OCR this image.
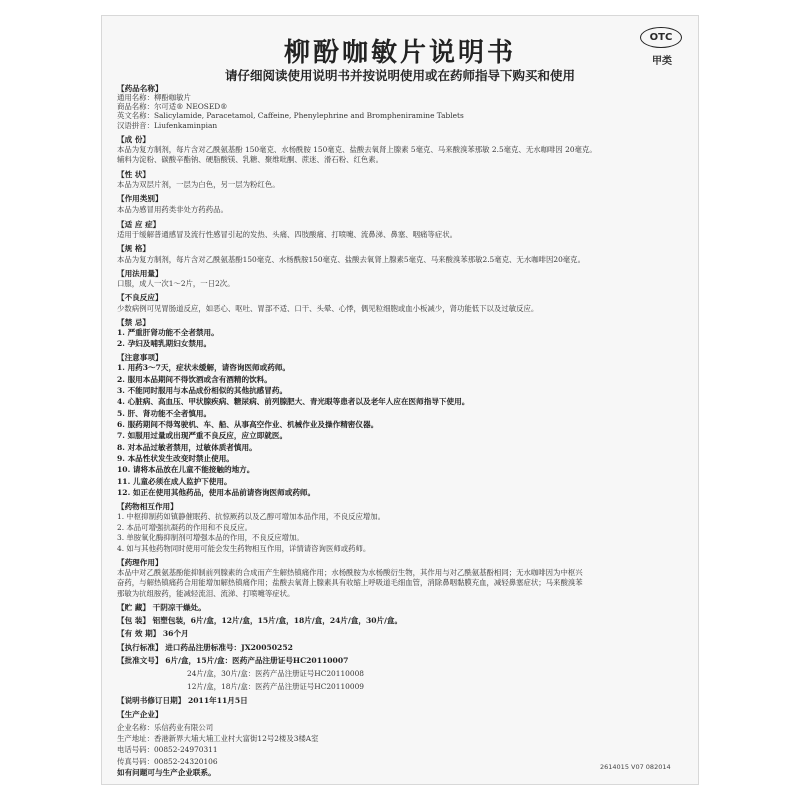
柳酚咖敏片说明书
请仔细阅读使用说明书并按说明使用或在药师指导下购买和使用
OTC
甲类
【药品名称】
通用名称：柳酚咖敏片
商品名称：尔可适® NEOSED®
英文名称：Salicylamide, Paracetamol, Caffeine, Phenylephrine and Brompheniramine Tablets
汉语拼音：Liufenkaminpian
【成 份】
本品为复方制剂，每片含对乙酰氨基酚 150毫克、水杨酰胺 150毫克、盐酸去氧肾上腺素 5毫克、马来酸溴苯那敏 2.5毫克、无水咖啡因 20毫克。
辅料为淀粉、碳酸辛酯钠、硬脂酸镁、乳糖、聚维吡酮、蔗迷、滑石粉、红色素。
【性 状】
本品为双层片剂，一层为白色，另一层为粉红色。
【作用类别】
本品为感冒用药类非处方药药品。
【适 应 症】
适用于缓解普通感冒及流行性感冒引起的发热、头痛、四肢酸痛、打喷嚏、流鼻涕、鼻塞、咽痛等症状。
【规 格】
本品为复方制剂，每片含对乙酰氨基酚150毫克、水杨酰胺150毫克、盐酸去氧肾上腺素5毫克、马来酸溴苯那敏2.5毫克、无水咖啡因20毫克。
【用法用量】
口服，成人一次1～2片，一日2次。
【不良反应】
少数病例可见胃肠道反应，如恶心、呕吐、胃部不适、口干、头晕、心悸，偶见粒细胞或血小板减少，肾功能低下以及过敏反应。
【禁 忌】
1. 严重肝肾功能不全者禁用。
2. 孕妇及哺乳期妇女禁用。
【注意事项】
1. 用药3～7天，症状未缓解，请咨询医师或药师。
2. 服用本品期间不得饮酒或含有酒精的饮料。
3. 不能同时服用与本品成份相似的其他抗感冒药。
4. 心脏病、高血压、甲状腺疾病、糖尿病、前列腺肥大、青光眼等患者以及老年人应在医师指导下使用。
5. 肝、肾功能不全者慎用。
6. 服药期间不得驾驶机、车、船、从事高空作业、机械作业及操作精密仪器。
7. 如服用过量或出现严重不良反应，应立即就医。
8. 对本品过敏者禁用，过敏体质者慎用。
9. 本品性状发生改变时禁止使用。
10. 请将本品放在儿童不能接触的地方。
11. 儿童必须在成人监护下使用。
12. 如正在使用其他药品，使用本品前请咨询医师或药师。
【药物相互作用】
1. 中枢抑制药如镇静催眠药、抗惊厥药以及乙醇可增加本品作用，不良反应增加。
2. 本品可增强抗凝药的作用和不良反应。
3. 单胺氧化酶抑制剂可增强本品的作用，不良反应增加。
4. 如与其他药物同时使用可能会发生药物相互作用，详情请咨询医师或药师。
【药理作用】
本品中对乙酰氨基酚能抑制前列腺素的合成而产生解热镇痛作用；水杨酰胺为水杨酸衍生物，其作用与对乙酰氨基酚相同；无水咖啡因为中枢兴
奋药，与解热镇痛药合用能增加解热镇痛作用；盐酸去氧肾上腺素具有收缩上呼吸道毛细血管，消除鼻咽黏膜充血，减轻鼻塞症状；马来酸溴苯
那敏为抗组胺药，能减轻流泪、流涕、打喷嚏等症状。
【贮 藏】 干阴凉干燥处。
【包 装】 铝塑包装，6片/盒，12片/盒，15片/盒，18片/盒，24片/盒，30片/盒。
【有 效 期】 36个月
【执行标准】 进口药品注册标准号：JX20050252
【批准文号】 6片/盒，15片/盒：医药产品注册证号HC20110007
24片/盒，30片/盒：医药产品注册证号HC20110008
12片/盒，18片/盒：医药产品注册证号HC20110009
【说明书修订日期】 2011年11月5日
【生产企业】
企业名称：乐信药业有限公司
生产地址：香港新界大埔大埔工业村大富街12号2楼及3楼A室
电话号码：00852-24970311
传真号码：00852-24320106
如有问题可与生产企业联系。
2614015 V07 082014
